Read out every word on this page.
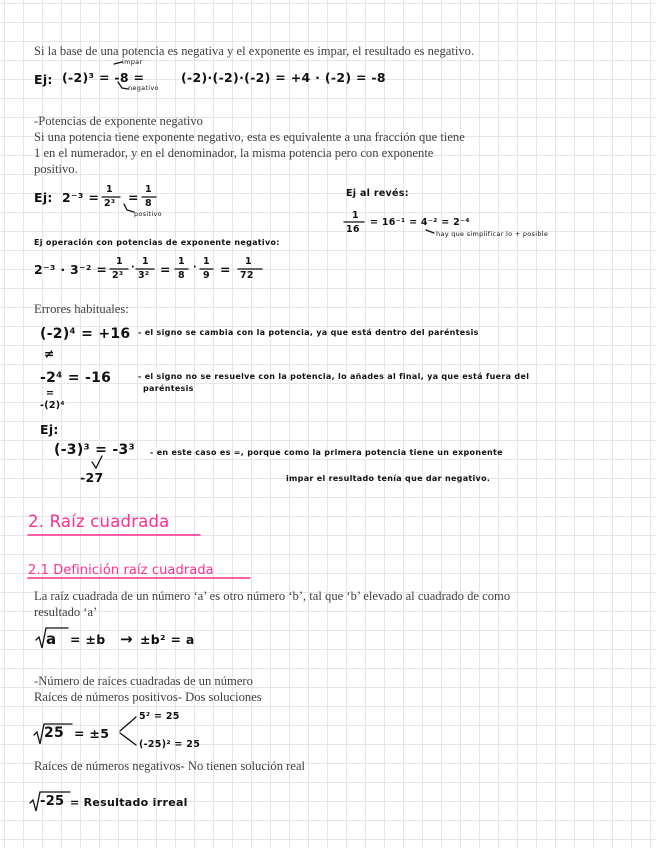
Si la base de una potencia es negativa y el exponente es impar, el resultado es negativo.
Ej: (-2)³ = -8 =	(-2)·(-2)·(-2) = +4 · (-2) = -8
impar
negativo
-Potencias de exponente negativo
Si una potencia tiene exponente negativo, esta es equivalente a una fracción que tiene
1 en el numerador, y en el denominador, la misma potencia pero con exponente
positivo.
Ej: 2⁻³ =
1
2³ =
1
8
positivo
Ej al revés:
1
16
= 16⁻¹ = 4⁻² = 2⁻⁴
hay que simplificar lo + posible
Ej operación con potencias de exponente negativo:
2⁻³ · 3⁻² =
1
2³
·
1
3² =
1
8
·
1
9 =
1
72
Errores habituales:
(-2)⁴ = +16 - el signo se cambia con la potencia, ya que está dentro del paréntesis
≠
-2⁴ = -16	- el signo no se resuelve con la potencia, lo añades al final, ya que está fuera del
paréntesis
=
-(2)⁴
Ej:
(-3)³ = -3³ - en este caso es =, porque como la primera potencia tiene un exponente
impar el resultado tenía que dar negativo.
-27
2. Raíz cuadrada
2.1 Definición raíz cuadrada
La raíz cuadrada de un número ‘a’ es otro número ‘b’, tal que ‘b’ elevado al cuadrado de como
resultado ‘a’
a = ±b → ±b² = a
-Número de raíces cuadradas de un número
Raíces de números positivos- Dos soluciones
25 = ±5
5² = 25
(-25)² = 25
Raíces de números negativos- No tienen solución real
-25 = Resultado irreal
